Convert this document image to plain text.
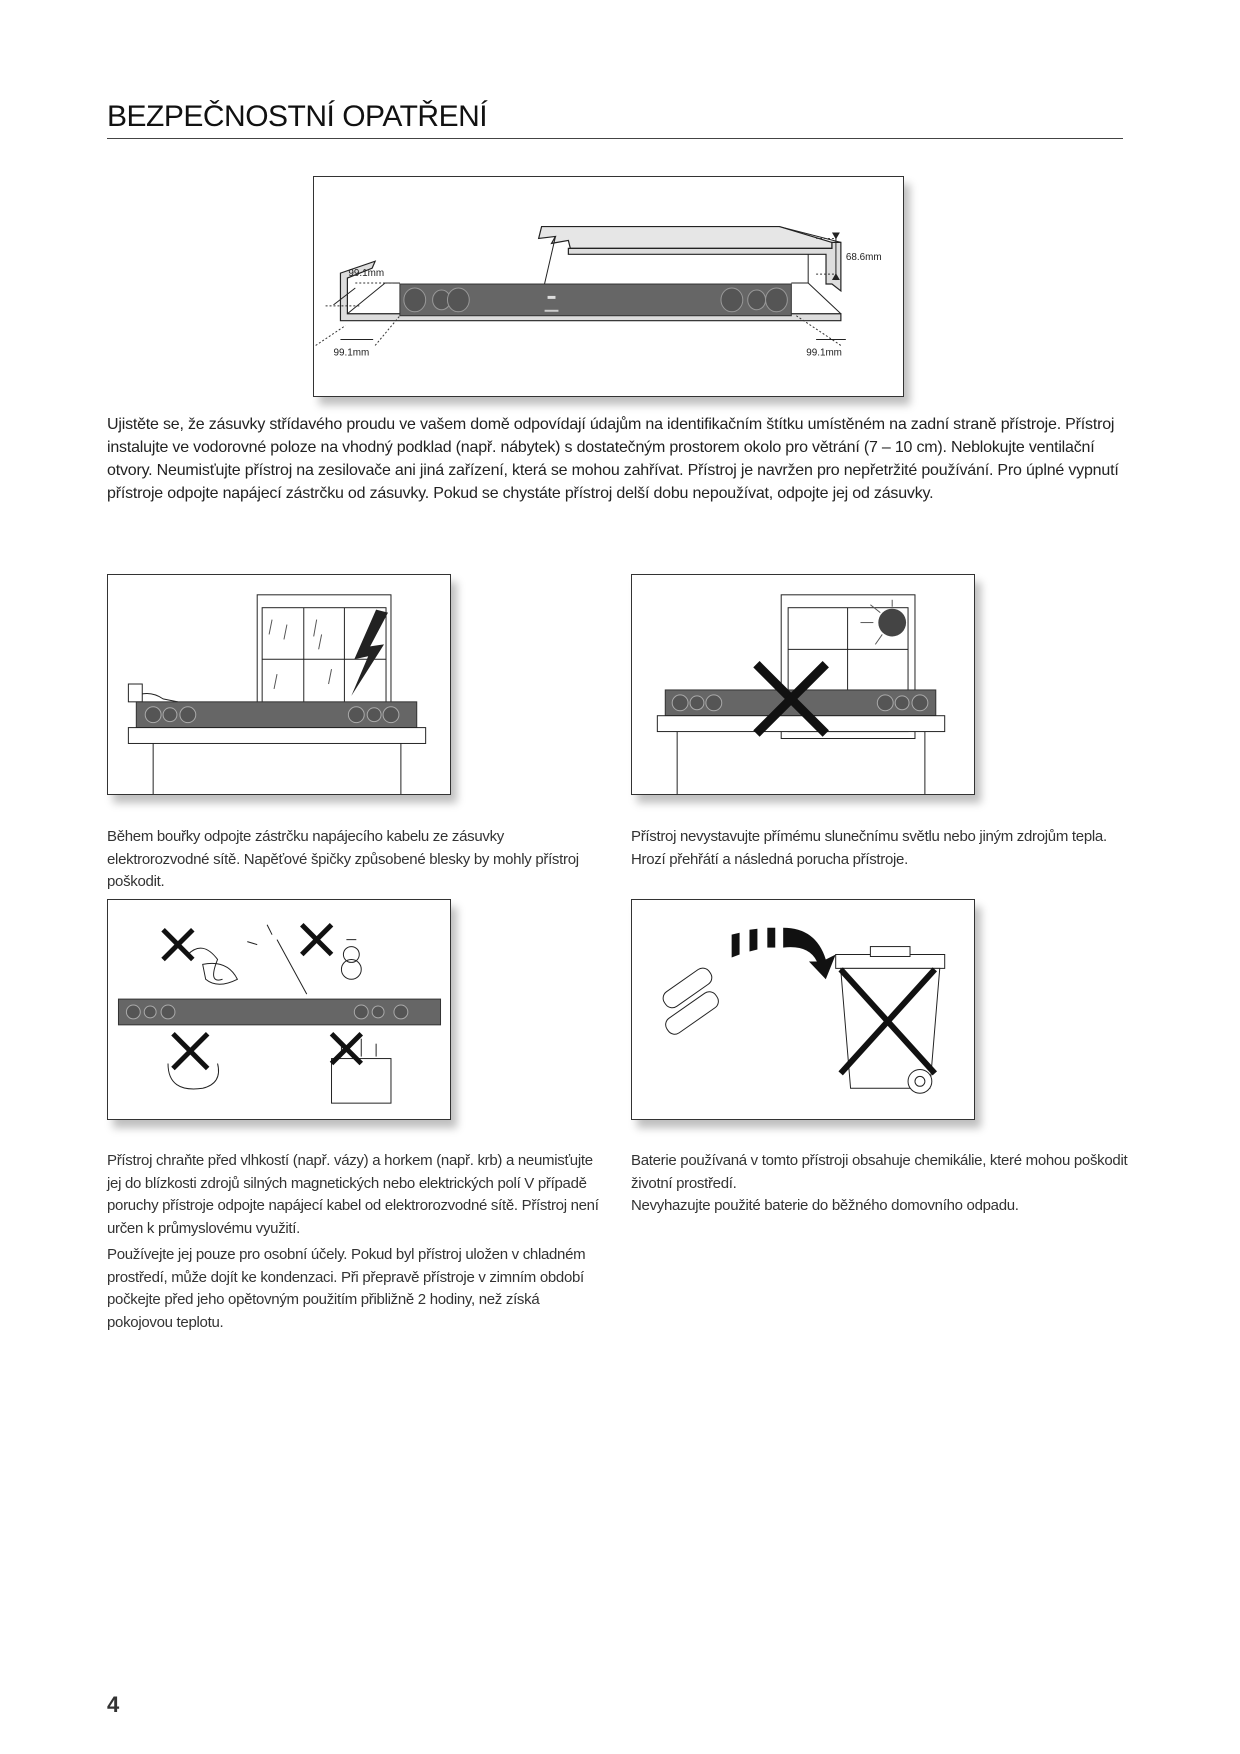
BEZPEČNOSTNÍ OPATŘENÍ
99.1mm
99.1mm	99.1mm
68.6mm
Ujistěte se, že zásuvky střídavého proudu ve vašem domě odpovídají údajům na identifikačním štítku umístěném na zadní straně přístroje. Přístroj instalujte ve vodorovné poloze na vhodný podklad (např. nábytek) s dostatečným prostorem okolo pro větrání (7 – 10 cm). Neblokujte ventilační otvory. Neumisťujte přístroj na zesilovače ani jiná zařízení, která se mohou zahřívat. Přístroj je navržen pro nepřetržité používání. Pro úplné vypnutí přístroje odpojte napájecí zástrčku od zásuvky. Pokud se chystáte přístroj delší dobu nepoužívat, odpojte jej od zásuvky.
Během bouřky odpojte zástrčku napájecího kabelu ze zásuvky elektrorozvodné sítě. Napěťové špičky způsobené blesky by mohly přístroj poškodit.
Přístroj nevystavujte přímému slunečnímu světlu nebo jiným zdrojům tepla. Hrozí přehřátí a následná porucha přístroje.

Přístroj chraňte před vlhkostí (např. vázy) a horkem (např. krb) a neumisťujte jej do blízkosti zdrojů silných magnetických nebo elektrických polí V případě poruchy přístroje odpojte napájecí kabel od elektrorozvodné sítě. Přístroj není určen k průmyslovému využití.

Používejte jej pouze pro osobní účely. Pokud byl přístroj uložen v chladném prostředí, může dojít ke kondenzaci. Při přepravě přístroje v zimním období počkejte před jeho opětovným použitím přibližně 2 hodiny, než získá pokojovou teplotu.

Baterie používaná v tomto přístroji obsahuje chemikálie, které mohou poškodit životní prostředí.

Nevyhazujte použité baterie do běžného domovního odpadu.

4
